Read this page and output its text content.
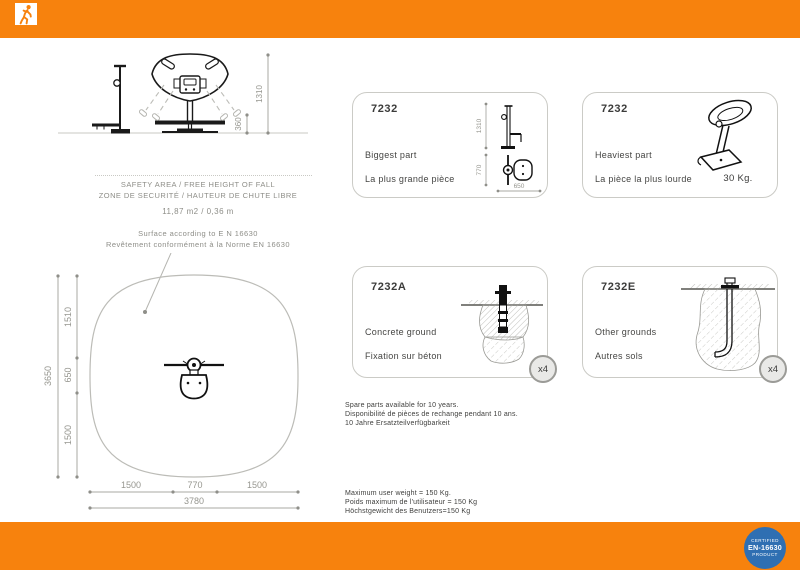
360
1310
SAFETY AREA / FREE HEIGHT OF FALL
ZONE DE SECURITÉ / HAUTEUR DE CHUTE LIBRE
11,87 m2 / 0,36 m
Surface according to E N 16630
Revêtement conformément à la Norme EN 16630
3650
1510
650
1500
1500	770	1500
3780
7232
Biggest part
La plus grande pièce
1310
770
650
7232
Heaviest part
La pièce la plus lourde	30 Kg.
7232A
Concrete ground
Fixation sur béton
x4
7232E
Other grounds
Autres sols
x4
Spare parts available for 10 years.
Disponibilité de pièces de rechange pendant 10 ans.
10 Jahre Ersatzteilverfügbarkeit
Maximum user weight = 150 Kg.
Poids maximum de l'utilisateur = 150 Kg
Höchstgewicht des Benutzers=150 Kg
CERTIFIED
EN-16630
PRODUCT
